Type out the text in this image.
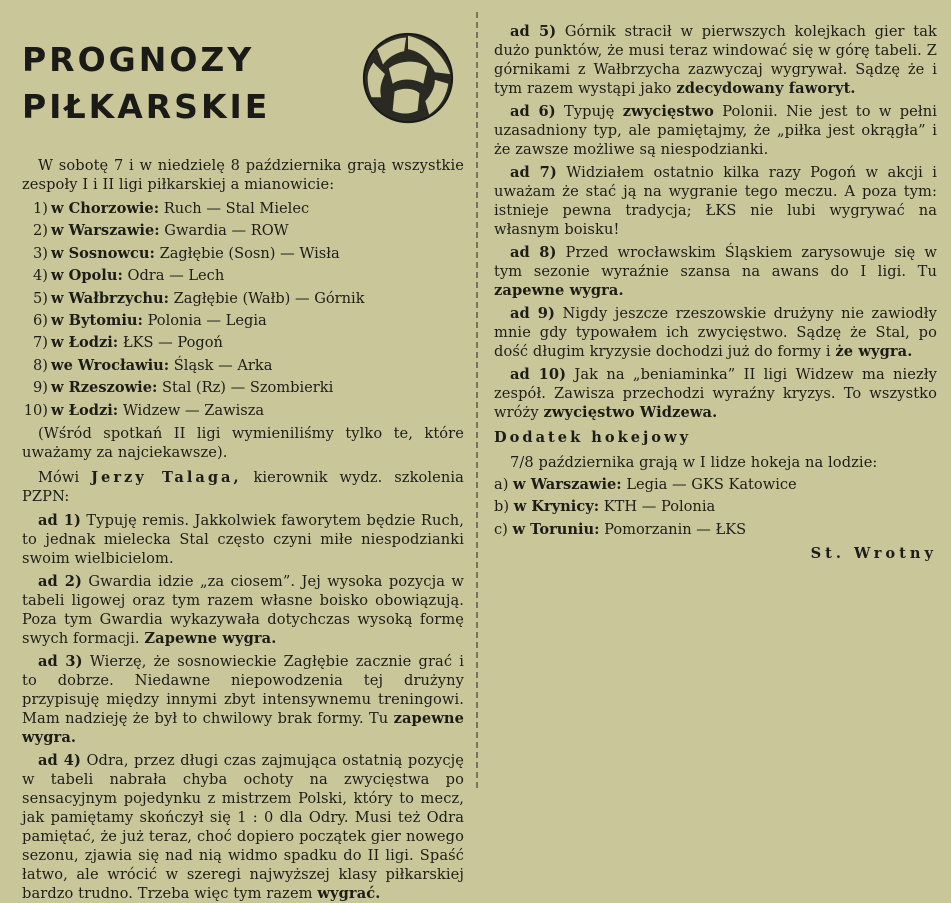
PROGNOZY
PIŁKARSKIE

W sobotę 7 i w niedzielę 8 października grają wszystkie zespoły I i II ligi piłkarskiej a mianowicie:

1) w Chorzowie: Ruch — Stal Mielec
2) w Warszawie: Gwardia — ROW
3) w Sosnowcu: Zagłębie (Sosn) — Wisła
4) w Opolu: Odra — Lech
5) w Wałbrzychu: Zagłębie (Wałb) — Górnik
6) w Bytomiu: Polonia — Legia
7) w Łodzi: ŁKS — Pogoń
8) we Wrocławiu: Śląsk — Arka
9) w Rzeszowie: Stal (Rz) — Szombierki
10) w Łodzi: Widzew — Zawisza

(Wśród spotkań II ligi wymieniliśmy tylko te, które uważamy za najciekawsze).

Mówi Jerzy Talaga, kierownik wydz. szkolenia PZPN:

ad 1) Typuję remis. Jakkolwiek faworytem będzie Ruch, to jednak mielecka Stal często czyni miłe niespodzianki swoim wielbicielom.

ad 2) Gwardia idzie „za ciosem”. Jej wysoka pozycja w tabeli ligowej oraz tym razem własne boisko obowiązują. Poza tym Gwardia wykazywała dotychczas wysoką formę swych formacji. Zapewne wygra.

ad 3) Wierzę, że sosnowieckie Zagłębie zacznie grać i to dobrze. Niedawne niepowodzenia tej drużyny przypisuję między innymi zbyt intensywnemu treningowi. Mam nadzieję że był to chwilowy brak formy. Tu zapewne wygra.

ad 4) Odra, przez długi czas zajmująca ostatnią pozycję w tabeli nabrała chyba ochoty na zwycięstwa po sensacyjnym pojedynku z mistrzem Polski, który to mecz, jak pamiętamy skończył się 1 : 0 dla Odry. Musi też Odra pamiętać, że już teraz, choć dopiero początek gier nowego sezonu, zjawia się nad nią widmo spadku do II ligi. Spaść łatwo, ale wrócić w szeregi najwyższej klasy piłkarskiej bardzo trudno. Trzeba więc tym razem wygrać.

ad 5) Górnik stracił w pierwszych kolejkach gier tak dużo punktów, że musi teraz windować się w górę tabeli. Z górnikami z Wałbrzycha zazwyczaj wygrywał. Sądzę że i tym razem wystąpi jako zdecydowany faworyt.

ad 6) Typuję zwycięstwo Polonii. Nie jest to w pełni uzasadniony typ, ale pamiętajmy, że „piłka jest okrągła” i że zawsze możliwe są niespodzianki.

ad 7) Widziałem ostatnio kilka razy Pogoń w akcji i uważam że stać ją na wygranie tego meczu. A poza tym: istnieje pewna tradycja; ŁKS nie lubi wygrywać na własnym boisku!

ad 8) Przed wrocławskim Śląskiem zarysowuje się w tym sezonie wyraźnie szansa na awans do I ligi. Tu zapewne wygra.

ad 9) Nigdy jeszcze rzeszowskie drużyny nie zawiodły mnie gdy typowałem ich zwycięstwo. Sądzę że Stal, po dość długim kryzysie dochodzi już do formy i że wygra.

ad 10) Jak na „beniaminka” II ligi Widzew ma niezły zespół. Zawisza przechodzi wyraźny kryzys. To wszystko wróży zwycięstwo Widzewa.

Dodatek hokejowy

7/8 października grają w I lidze hokeja na lodzie:

a) w Warszawie: Legia — GKS Katowice
b) w Krynicy: KTH — Polonia
c) w Toruniu: Pomorzanin — ŁKS
St. Wrotny
